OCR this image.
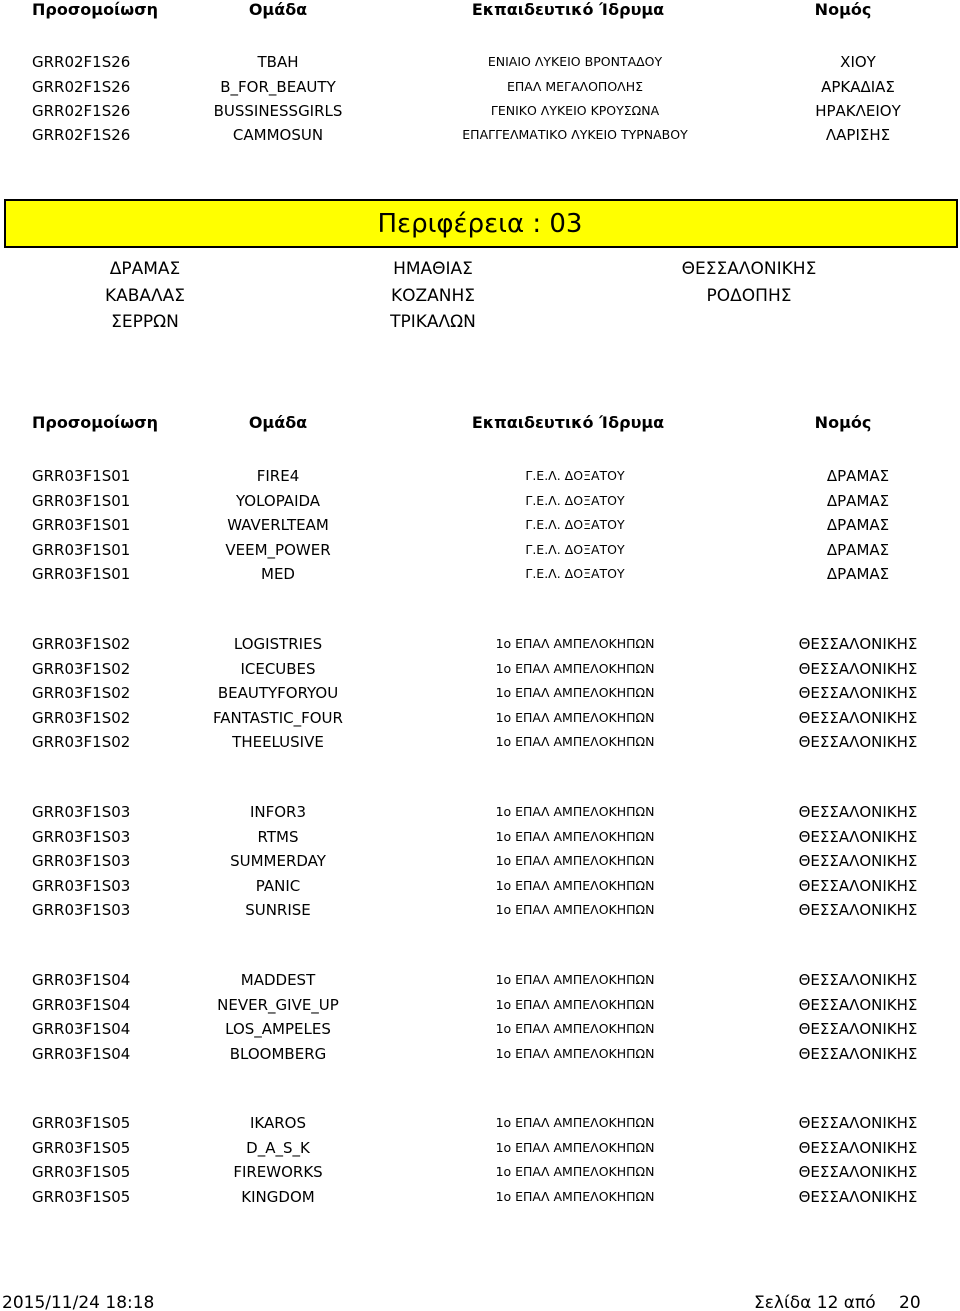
Προσομοίωση	Ομάδα	Εκπαιδευτικό Ίδρυμα	Νομός
GRR02F1S26	TBAH	ΕΝΙΑΙΟ ΛΥΚΕΙΟ ΒΡΟΝΤΑΔΟΥ	ΧΙΟΥ
GRR02F1S26	B_FOR_BEAUTY	ΕΠΑΛ ΜΕΓΑΛΟΠΟΛΗΣ	ΑΡΚΑΔΙΑΣ
GRR02F1S26	BUSSINESSGIRLS	ΓΕΝΙΚΟ ΛΥΚΕΙΟ ΚΡΟΥΣΩΝΑ	ΗΡΑΚΛΕΙΟΥ
GRR02F1S26	CAMMOSUN	ΕΠΑΓΓΕΛΜΑΤΙΚΟ ΛΥΚΕΙΟ ΤΥΡΝΑΒΟΥ	ΛΑΡΙΣΗΣ
Περιφέρεια : 03
ΔΡΑΜΑΣ	ΗΜΑΘΙΑΣ	ΘΕΣΣΑΛΟΝΙΚΗΣ
ΚΑΒΑΛΑΣ	ΚΟΖΑΝΗΣ	ΡΟΔΟΠΗΣ
ΣΕΡΡΩΝ	ΤΡΙΚΑΛΩΝ
Προσομοίωση	Ομάδα	Εκπαιδευτικό Ίδρυμα	Νομός
GRR03F1S01	FIRE4	Γ.Ε.Λ. ΔΟΞΑΤΟΥ	ΔΡΑΜΑΣ
GRR03F1S01	YOLOPAIDA	Γ.Ε.Λ. ΔΟΞΑΤΟΥ	ΔΡΑΜΑΣ
GRR03F1S01	WAVERLTEAM	Γ.Ε.Λ. ΔΟΞΑΤΟΥ	ΔΡΑΜΑΣ
GRR03F1S01	VEEM_POWER	Γ.Ε.Λ. ΔΟΞΑΤΟΥ	ΔΡΑΜΑΣ
GRR03F1S01	MED	Γ.Ε.Λ. ΔΟΞΑΤΟΥ	ΔΡΑΜΑΣ
GRR03F1S02	LOGISTRIES	1ο ΕΠΑΛ ΑΜΠΕΛΟΚΗΠΩΝ	ΘΕΣΣΑΛΟΝΙΚΗΣ
GRR03F1S02	ICECUBES	1ο ΕΠΑΛ ΑΜΠΕΛΟΚΗΠΩΝ	ΘΕΣΣΑΛΟΝΙΚΗΣ
GRR03F1S02	BEAUTYFORYOU	1ο ΕΠΑΛ ΑΜΠΕΛΟΚΗΠΩΝ	ΘΕΣΣΑΛΟΝΙΚΗΣ
GRR03F1S02	FANTASTIC_FOUR	1ο ΕΠΑΛ ΑΜΠΕΛΟΚΗΠΩΝ	ΘΕΣΣΑΛΟΝΙΚΗΣ
GRR03F1S02	THEELUSIVE	1ο ΕΠΑΛ ΑΜΠΕΛΟΚΗΠΩΝ	ΘΕΣΣΑΛΟΝΙΚΗΣ
GRR03F1S03	INFOR3	1ο ΕΠΑΛ ΑΜΠΕΛΟΚΗΠΩΝ	ΘΕΣΣΑΛΟΝΙΚΗΣ
GRR03F1S03	RTMS	1ο ΕΠΑΛ ΑΜΠΕΛΟΚΗΠΩΝ	ΘΕΣΣΑΛΟΝΙΚΗΣ
GRR03F1S03	SUMMERDAY	1ο ΕΠΑΛ ΑΜΠΕΛΟΚΗΠΩΝ	ΘΕΣΣΑΛΟΝΙΚΗΣ
GRR03F1S03	PANIC	1ο ΕΠΑΛ ΑΜΠΕΛΟΚΗΠΩΝ	ΘΕΣΣΑΛΟΝΙΚΗΣ
GRR03F1S03	SUNRISE	1ο ΕΠΑΛ ΑΜΠΕΛΟΚΗΠΩΝ	ΘΕΣΣΑΛΟΝΙΚΗΣ
GRR03F1S04	MADDEST	1ο ΕΠΑΛ ΑΜΠΕΛΟΚΗΠΩΝ	ΘΕΣΣΑΛΟΝΙΚΗΣ
GRR03F1S04	NEVER_GIVE_UP	1ο ΕΠΑΛ ΑΜΠΕΛΟΚΗΠΩΝ	ΘΕΣΣΑΛΟΝΙΚΗΣ
GRR03F1S04	LOS_AMPELES	1ο ΕΠΑΛ ΑΜΠΕΛΟΚΗΠΩΝ	ΘΕΣΣΑΛΟΝΙΚΗΣ
GRR03F1S04	BLOOMBERG	1ο ΕΠΑΛ ΑΜΠΕΛΟΚΗΠΩΝ	ΘΕΣΣΑΛΟΝΙΚΗΣ
GRR03F1S05	IKAROS	1ο ΕΠΑΛ ΑΜΠΕΛΟΚΗΠΩΝ	ΘΕΣΣΑΛΟΝΙΚΗΣ
GRR03F1S05	D_A_S_K	1ο ΕΠΑΛ ΑΜΠΕΛΟΚΗΠΩΝ	ΘΕΣΣΑΛΟΝΙΚΗΣ
GRR03F1S05	FIREWORKS	1ο ΕΠΑΛ ΑΜΠΕΛΟΚΗΠΩΝ	ΘΕΣΣΑΛΟΝΙΚΗΣ
GRR03F1S05	KINGDOM	1ο ΕΠΑΛ ΑΜΠΕΛΟΚΗΠΩΝ	ΘΕΣΣΑΛΟΝΙΚΗΣ
2015/11/24 18:18	Σελίδα 12 από 20
